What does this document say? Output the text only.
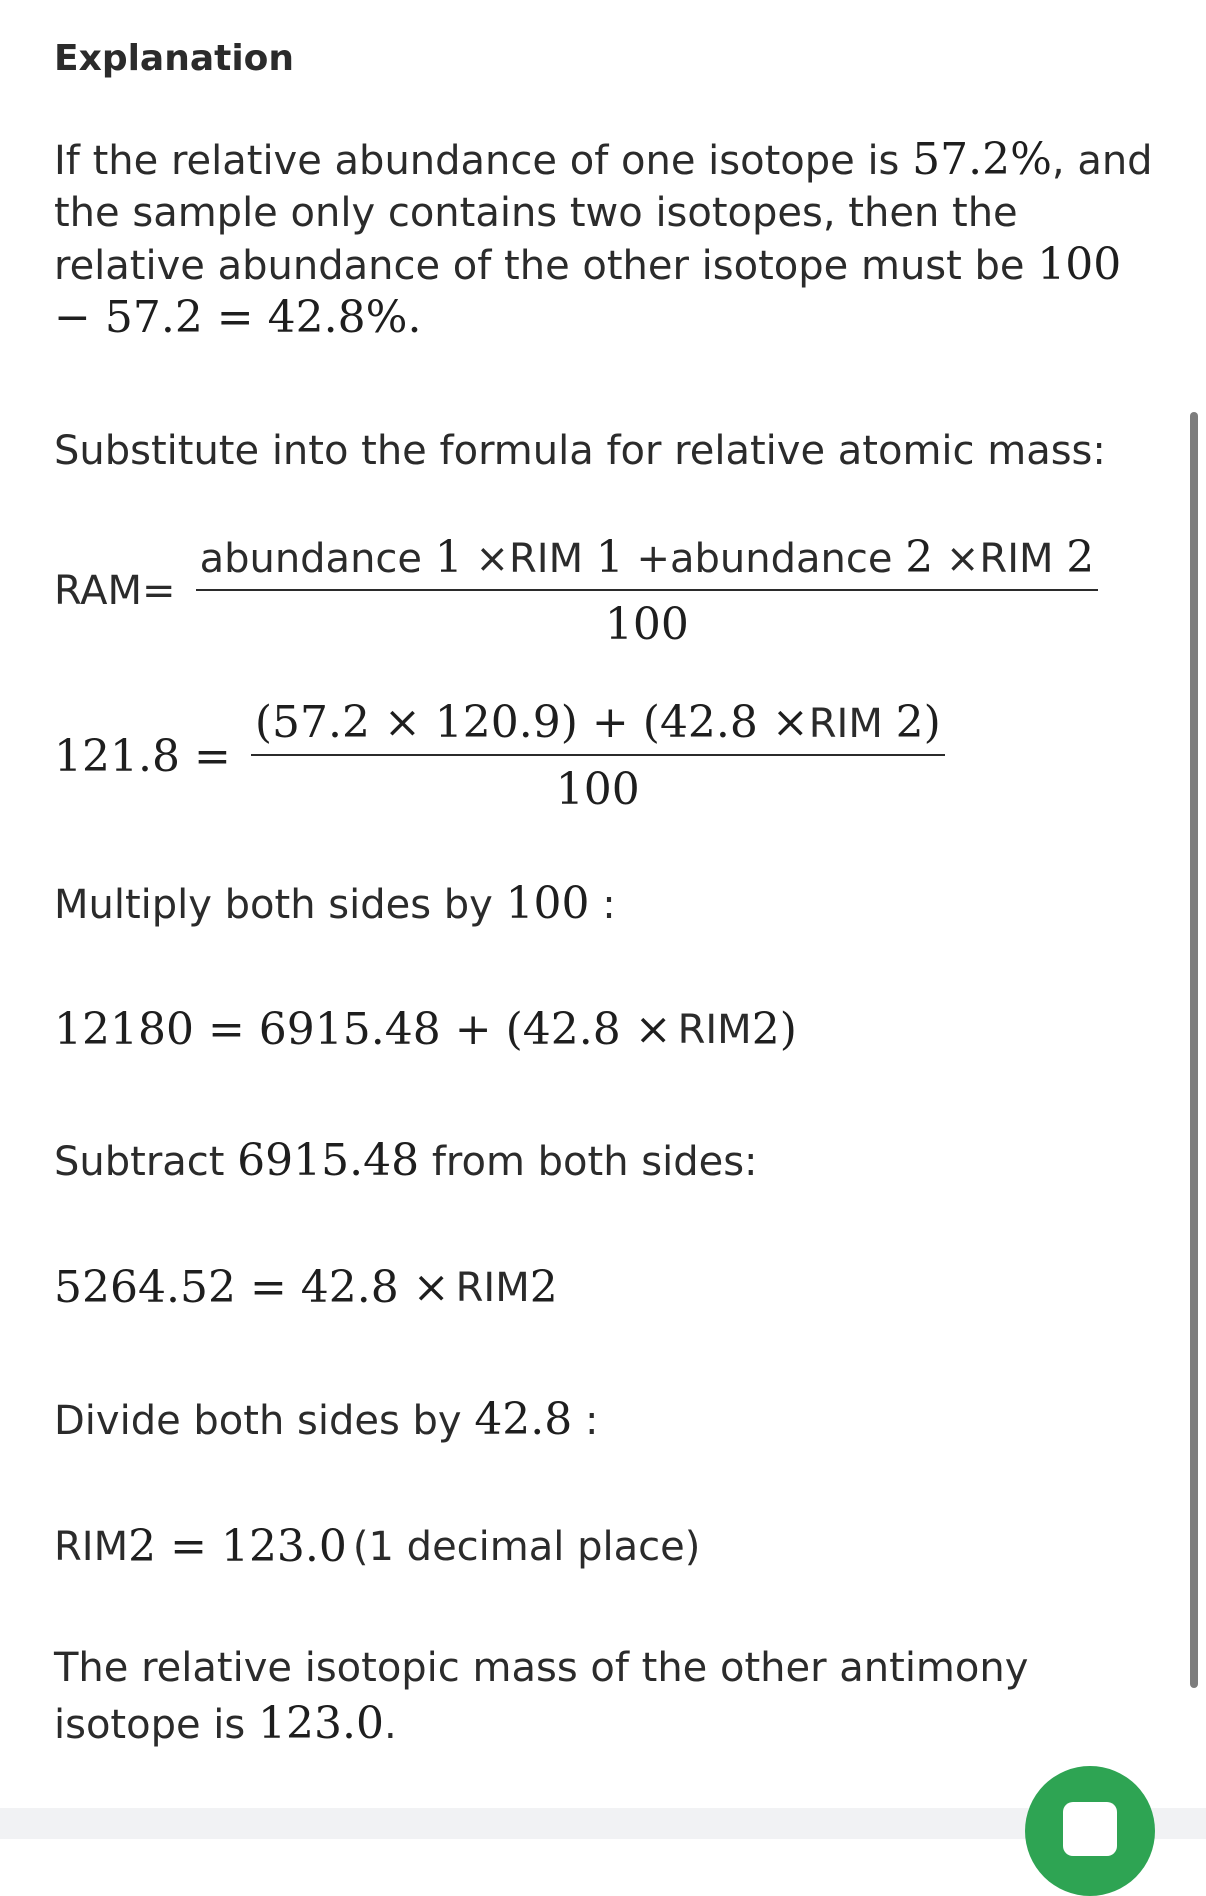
Explanation

If the relative abundance of one isotope is 57.2%, and the sample only contains two isotopes, then the relative abundance of the other isotope must be 100 − 57.2 = 42.8%.

Substitute into the formula for relative atomic mass:

$RAM= \frac{\text{abundance 1 ×RIM 1 +abundance 2 ×RIM 2}}{100}$
$121.8 = \frac{\text{(57.2 × 120.9) + (42.8 ×RIM 2)}}{100}$

Multiply both sides by 100 :

12180 = 6915.48 + (42.8 × RIM 2)

Subtract 6915.48 from both sides:

5264.52 = 42.8 × RIM 2

Divide both sides by 42.8 :

RIM 2 = 123.0 (1 decimal place)

The relative isotopic mass of the other antimony isotope is 123.0.
